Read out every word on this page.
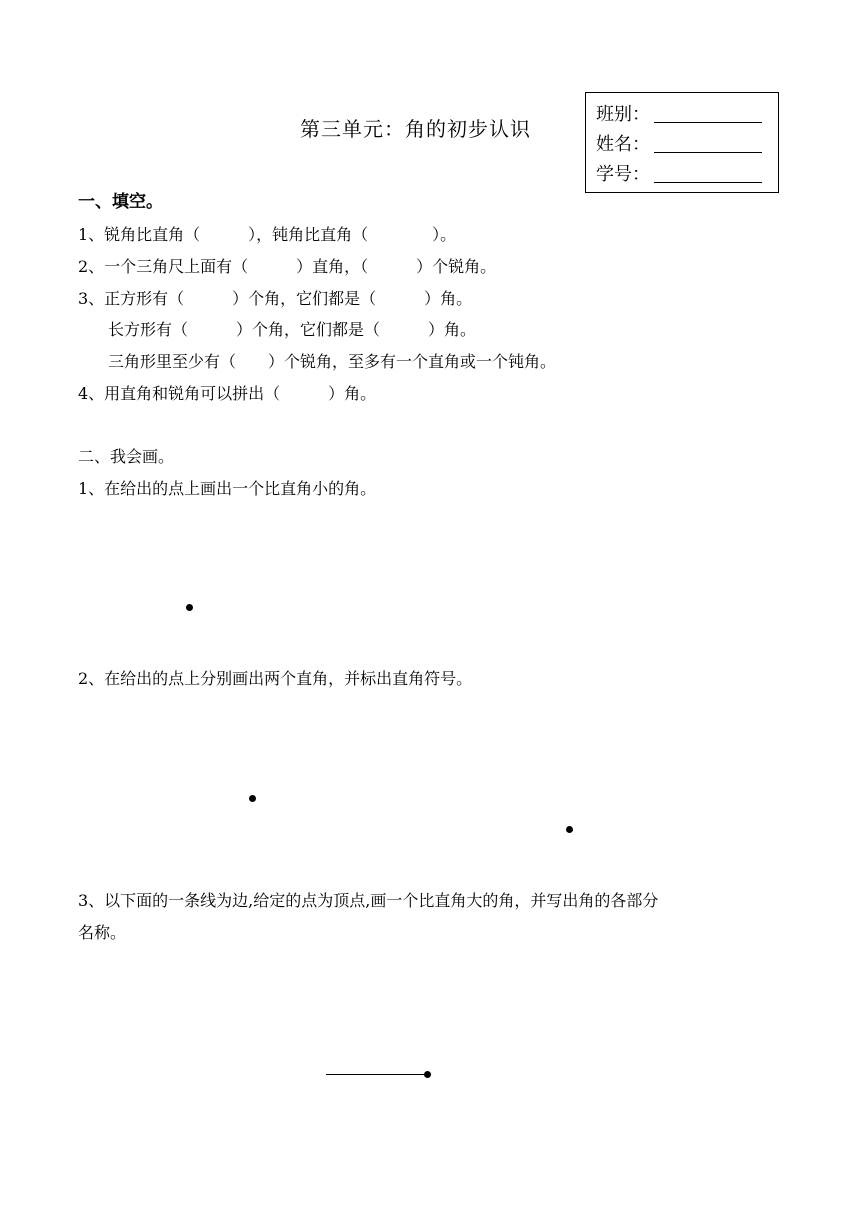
第三单元：角的初步认识
班别：
姓名：
学号：
一、填空。
1、锐角比直角（　　　），钝角比直角（　　　　）。
2、一个三角尺上面有（　　　）直角，（　　　）个锐角。
3、正方形有（　　　）个角，它们都是（　　　）角。
长方形有（　　　）个角，它们都是（　　　）角。
三角形里至少有（　　）个锐角，至多有一个直角或一个钝角。
4、用直角和锐角可以拼出（　　　）角。
二、我会画。
1、在给出的点上画出一个比直角小的角。
2、在给出的点上分别画出两个直角，并标出直角符号。
3、以下面的一条线为边,给定的点为顶点,画一个比直角大的角，并写出角的各部分
名称。
